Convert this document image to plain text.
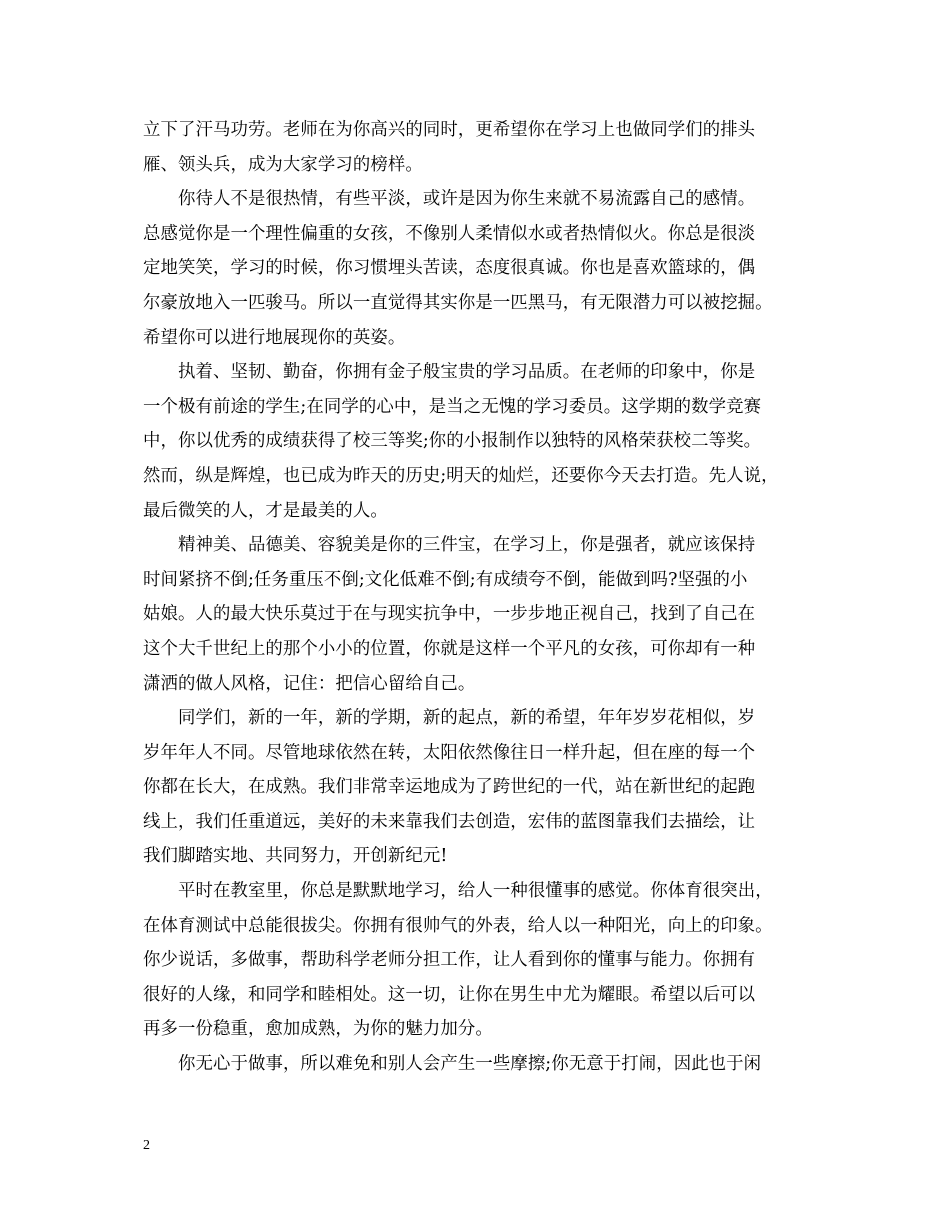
立下了汗马功劳。老师在为你高兴的同时，更希望你在学习上也做同学们的排头
雁、领头兵，成为大家学习的榜样。
你待人不是很热情，有些平淡，或许是因为你生来就不易流露自己的感情。
总感觉你是一个理性偏重的女孩，不像别人柔情似水或者热情似火。你总是很淡
定地笑笑，学习的时候，你习惯埋头苦读，态度很真诚。你也是喜欢篮球的，偶
尔豪放地入一匹骏马。所以一直觉得其实你是一匹黑马，有无限潜力可以被挖掘。
希望你可以进行地展现你的英姿。
执着、坚韧、勤奋，你拥有金子般宝贵的学习品质。在老师的印象中，你是
一个极有前途的学生;在同学的心中，是当之无愧的学习委员。这学期的数学竞赛
中，你以优秀的成绩获得了校三等奖;你的小报制作以独特的风格荣获校二等奖。
然而，纵是辉煌，也已成为昨天的历史;明天的灿烂，还要你今天去打造。先人说，
最后微笑的人，才是最美的人。
精神美、品德美、容貌美是你的三件宝，在学习上，你是强者，就应该保持
时间紧挤不倒;任务重压不倒;文化低难不倒;有成绩夸不倒，能做到吗?坚强的小
姑娘。人的最大快乐莫过于在与现实抗争中，一步步地正视自己，找到了自己在
这个大千世纪上的那个小小的位置，你就是这样一个平凡的女孩，可你却有一种
潇洒的做人风格，记住：把信心留给自己。
同学们，新的一年，新的学期，新的起点，新的希望，年年岁岁花相似，岁
岁年年人不同。尽管地球依然在转，太阳依然像往日一样升起，但在座的每一个
你都在长大，在成熟。我们非常幸运地成为了跨世纪的一代，站在新世纪的起跑
线上，我们任重道远，美好的未来靠我们去创造，宏伟的蓝图靠我们去描绘，让
我们脚踏实地、共同努力，开创新纪元!
平时在教室里，你总是默默地学习，给人一种很懂事的感觉。你体育很突出，
在体育测试中总能很拔尖。你拥有很帅气的外表，给人以一种阳光，向上的印象。
你少说话，多做事，帮助科学老师分担工作，让人看到你的懂事与能力。你拥有
很好的人缘，和同学和睦相处。这一切，让你在男生中尤为耀眼。希望以后可以
再多一份稳重，愈加成熟，为你的魅力加分。
你无心于做事，所以难免和别人会产生一些摩擦;你无意于打闹，因此也于闲
2
